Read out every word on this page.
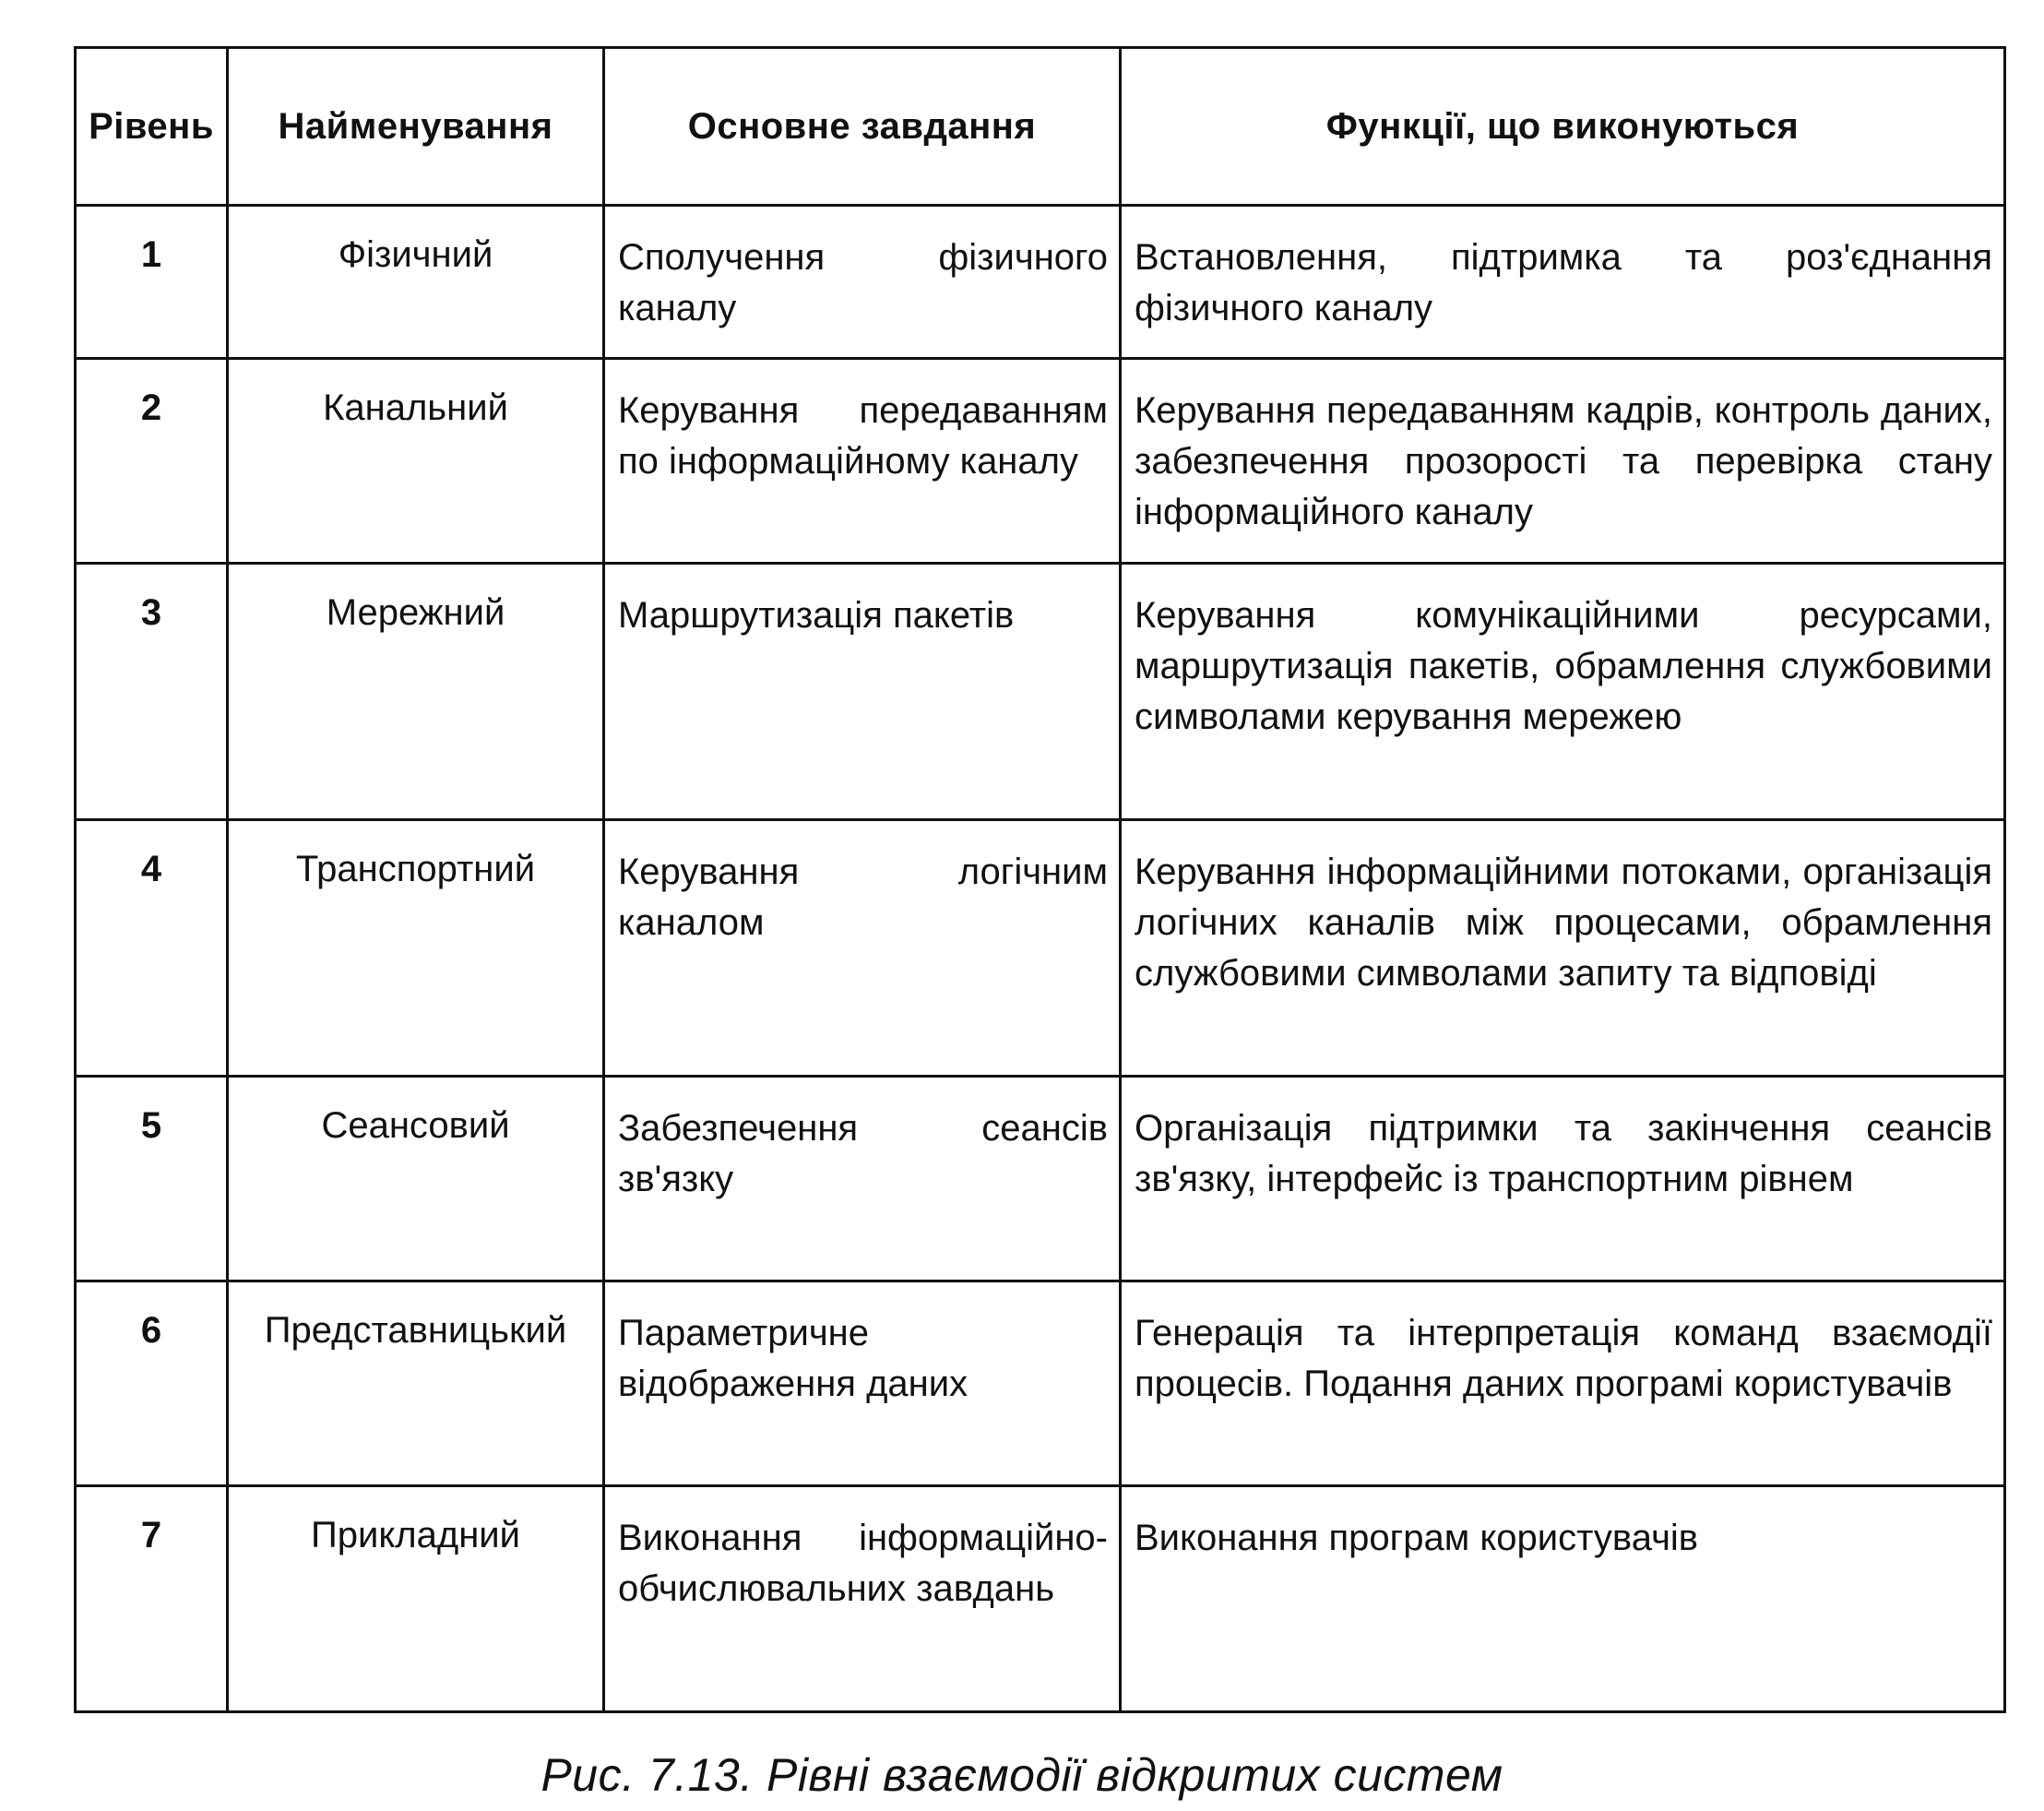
Рівень	Найменування	Основне завдання	Функції, що виконуються

1	Фізичний	Сполучення фізичного каналу	Встановлення, підтримка та роз'єднання фізичного каналу

2	Канальний	Керування передаванням по інформаційному каналу	Керування передаванням кадрів, контроль даних, забезпечення прозорості та перевірка стану інформаційного каналу

3	Мережний	Маршрутизація пакетів	Керування комунікаційними ресурсами, маршрутизація пакетів, обрамлення службовими символами керування мережею

4	Транспортний	Керування логічним каналом	Керування інформаційними потоками, організація логічних каналів між процесами, обрамлення службовими символами запиту та відповіді

5	Сеансовий	Забезпечення сеансів зв'язку	Організація підтримки та закінчення сеансів зв'язку, інтерфейс із транспортним рівнем

6	Представницький	Параметричне відображення даних	Генерація та інтерпретація команд взаємодії процесів. Подання даних програмі користувачів

7	Прикладний	Виконання інформаційно-обчислювальних завдань	Виконання програм користувачів
Рис. 7.13. Рівні взаємодії відкритих систем
